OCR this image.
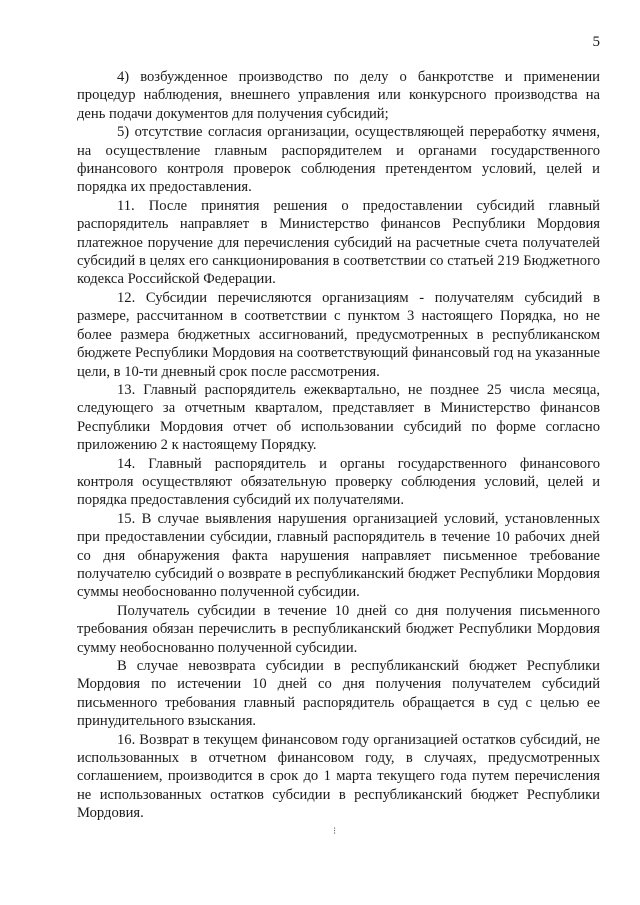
5

4) возбужденное производство по делу о банкротстве и применении процедур наблюдения, внешнего управления или конкурсного производства на день подачи документов для получения субсидий;

5) отсутствие согласия организации, осуществляющей переработку ячменя, на осуществление главным распорядителем и органами государственного финансового контроля проверок соблюдения претендентом условий, целей и порядка их предоставления.

11. После принятия решения о предоставлении субсидий главный распорядитель направляет в Министерство финансов Республики Мордовия платежное поручение для перечисления субсидий на расчетные счета получателей субсидий в целях его санкционирования в соответствии со статьей 219 Бюджетного кодекса Российской Федерации.

12. Субсидии перечисляются организациям - получателям субсидий в размере, рассчитанном в соответствии с пунктом 3 настоящего Порядка, но не более размера бюджетных ассигнований, предусмотренных в республиканском бюджете Республики Мордовия на соответствующий финансовый год на указанные цели, в 10-ти дневный срок после рассмотрения.

13. Главный распорядитель ежеквартально, не позднее 25 числа месяца, следующего за отчетным кварталом, представляет в Министерство финансов Республики Мордовия отчет об использовании субсидий по форме согласно приложению 2 к настоящему Порядку.

14. Главный распорядитель и органы государственного финансового контроля осуществляют обязательную проверку соблюдения условий, целей и порядка предоставления субсидий их получателями.

15. В случае выявления нарушения организацией условий, установленных при предоставлении субсидии, главный распорядитель в течение 10 рабочих дней со дня обнаружения факта нарушения направляет письменное требование получателю субсидий о возврате в республиканский бюджет Республики Мордовия суммы необоснованно полученной субсидии.

Получатель субсидии в течение 10 дней со дня получения письменного требования обязан перечислить в республиканский бюджет Республики Мордовия сумму необоснованно полученной субсидии.

В случае невозврата субсидии в республиканский бюджет Республики Мордовия по истечении 10 дней со дня получения получателем субсидий письменного требования главный распорядитель обращается в суд с целью ее принудительного взыскания.

16. Возврат в текущем финансовом году организацией остатков субсидий, не использованных в отчетном финансовом году, в случаях, предусмотренных соглашением, производится в срок до 1 марта текущего года путем перечисления не использованных остатков субсидии в республиканский бюджет Республики Мордовия.

⁝
